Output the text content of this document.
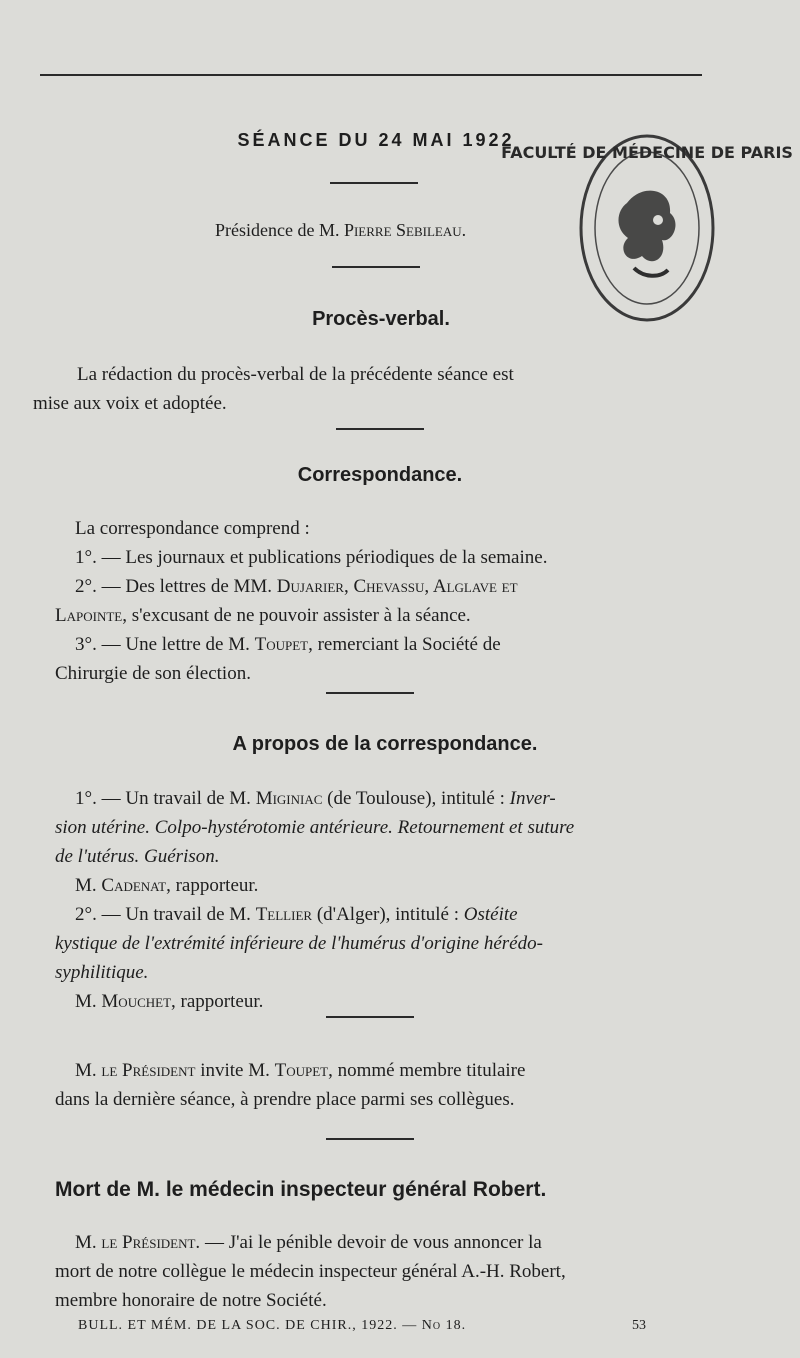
SÉANCE DU 24 MAI 1922
Présidence de M. Pierre Sebileau.
FACULTÉ DE MÉDECINE DE PARIS
Procès-verbal.
La rédaction du procès-verbal de la précédente séance est
mise aux voix et adoptée.
Correspondance.
La correspondance comprend :
1°. — Les journaux et publications périodiques de la semaine.
2°. — Des lettres de MM. Dujarier, Chevassu, Alglave et
Lapointe, s'excusant de ne pouvoir assister à la séance.
3°. — Une lettre de M. Toupet, remerciant la Société de
Chirurgie de son élection.
A propos de la correspondance.
1°. — Un travail de M. Miginiac (de Toulouse), intitulé : Inver-
sion utérine. Colpo-hystérotomie antérieure. Retournement et suture
de l'utérus. Guérison.
M. Cadenat, rapporteur.
2°. — Un travail de M. Tellier (d'Alger), intitulé : Ostéite
kystique de l'extrémité inférieure de l'humérus d'origine hérédo-
syphilitique.
M. Mouchet, rapporteur.
M. le Président invite M. Toupet, nommé membre titulaire
dans la dernière séance, à prendre place parmi ses collègues.
Mort de M. le médecin inspecteur général Robert.
M. le Président. — J'ai le pénible devoir de vous annoncer la
mort de notre collègue le médecin inspecteur général A.-H. Robert,
membre honoraire de notre Société.
BULL. ET MÉM. DE LA SOC. DE CHIR., 1922. — No 18.	53
